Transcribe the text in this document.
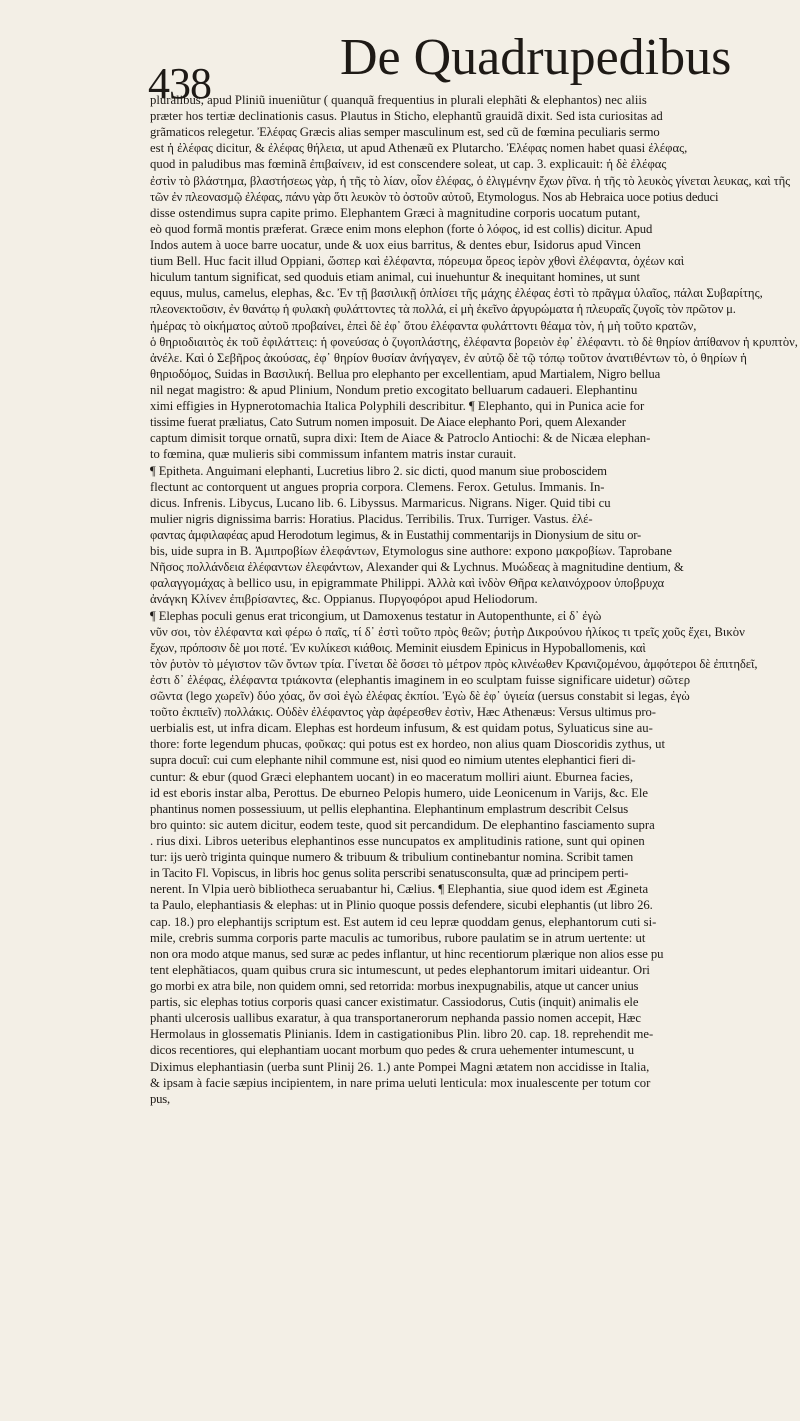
438 De Quadrupedibus
pluralibus, apud Pliniũ inueniũtur ( quanquã frequentius in plurali elephãti & elephantos) nec aliis
præter hos tertiæ declinationis casus. Plautus in Sticho, elephantũ grauidã dixit. Sed ista curiositas ad
grãmaticos relegetur. Ἐλέφας Græcis alias semper masculinum est, sed cũ de fœmina peculiaris sermo
est ἡ ἐλέφας dicitur, & ἐλέφας θήλεια, ut apud Athenæũ ex Plutarcho. Ἐλέφας nomen habet quasi ἐλέφας,
quod in paludibus mas fœminã ἐπιβαίνειν, id est conscendere soleat, ut cap. 3. explicauit: ἡ δὲ ἐλέφας
ἐστὶν τὸ βλάστημα, βλαστήσεως γὰρ, ἡ τῆς τὸ λίαν, οἷον ἐλέφας, ὁ ἐλιγμένην ἔχων ῥῖνα. ἡ τῆς τὸ λευκὸς γίνεται λευκας, καὶ τῆς
τῶν ἐν πλεονασμῷ ἐλέφας, πάνυ γὰρ ὅτι λευκὸν τὸ ὀστοῦν αὐτοῦ, Etymologus. Nos ab Hebraica uoce potius deduci
disse ostendimus supra capite primo. Elephantem Græci à magnitudine corporis uocatum putant,
eò quod formã montis præferat. Græce enim mons elephon (forte ὁ λόφος, id est collis) dicitur. Apud
Indos autem à uoce barre uocatur, unde & uox eius barritus, & dentes ebur, Isidorus apud Vincen
tium Bell. Huc facit illud Oppiani, ὥσπερ καὶ ἐλέφαντα, πόρευμα ὄρεος ἱερὸν χθονὶ ἐλέφαντα, ὀχέων καὶ
hiculum tantum significat, sed quoduis etiam animal, cui inuehuntur & inequitant homines, ut sunt
equus, mulus, camelus, elephas, &c. Ἐν τῇ βασιλικῇ ὁπλίσει τῆς μάχης ἐλέφας ἐστὶ τὸ πρᾶγμα ὑλαῖος, πάλαι Συβαρίτης,
πλεονεκτοῦσιν, ἐν θανάτῳ ἡ φυλακὴ φυλάττοντες τὰ πολλά, εἰ μὴ ἐκεῖνο ἀργυρώματα ἡ πλευραῖς ζυγοῖς τὸν πρῶτον μ.
ἡμέρας τὸ οἰκήματος αὐτοῦ προβαίνει, ἐπεὶ δὲ ἐφ᾽ ὅτου ἐλέφαντα φυλάττοντι θέαμα τὸν, ἡ μὴ τοῦτο κρατῶν,
ὁ θηριοδιαιτὸς ἐκ τοῦ ἐφιλάττεις: ἡ φονεύσας ὁ ζυγοπλάστης, ἐλέφαντα βορειὸν ἐφ᾽ ἐλέφαντι. τὸ δὲ θηρίον ἀπίθανον ἡ κρυπτὸν,
ἀνέλε. Καὶ ὁ Σεβῆρος ἀκούσας, ἐφ᾽ θηρίον θυσίαν ἀνήγαγεν, ἐν αὐτῷ δὲ τῷ τόπῳ τοῦτον ἀνατιθέντων τὸ, ὁ θηρίων ἡ
θηριοδόμος, Suidas in Βασιλική. Bellua pro elephanto per excellentiam, apud Martialem, Nigro bellua
nil negat magistro: & apud Plinium, Nondum pretio excogitato belluarum cadaueri. Elephantinu
ximi effigies in Hypnerotomachia Italica Polyphili describitur. ¶ Elephanto, qui in Punica acie for
tissime fuerat præliatus, Cato Sutrum nomen imposuit. De Aiace elephanto Pori, quem Alexander
captum dimisit torque ornatũ, supra dixi: Item de Aiace & Patroclo Antiochi: & de Nicæa elephan-
to fœmina, quæ mulieris sibi commissum infantem matris instar curauit.
¶ Epitheta. Anguimani elephanti, Lucretius libro 2. sic dicti, quod manum siue proboscidem
flectunt ac contorquent ut angues propria corpora. Clemens. Ferox. Getulus. Immanis. In-
dicus. Infrenis. Libycus, Lucano lib. 6. Libyssus. Marmaricus. Nigrans. Niger. Quid tibi cu
mulier nigris dignissima barris: Horatius. Placidus. Terribilis. Trux. Turriger. Vastus. ἐλέ-
φαντας ἀμφιλαφέας apud Herodotum legimus, & in Eustathij commentarijs in Dionysium de situ or-
bis, uide supra in B. Ἀμιπροβίων ἐλεφάντων, Etymologus sine authore: expono μακροβίων. Taprobane
Νῆσος πολλάνδεια ἐλέφαντων ἐλεφάντων, Alexander qui & Lychnus. Μυώδεας à magnitudine dentium, &
φαλαγγομάχας à bellico usu, in epigrammate Philippi. Ἀλλὰ καὶ ἰνδὸν Θῆρα κελαινόχροον ὑποβρυχα
ἀνάγκη Κλίνεν ἐπιβρίσαντες, &c. Oppianus. Πυργοφόροι apud Heliodorum.
¶ Elephas poculi genus erat tricongium, ut Damoxenus testatur in Autopenthunte, εἰ δ᾽ ἐγὼ
νῦν σοι, τὸν ἐλέφαντα καὶ φέρω ὁ παῖς, τί δ᾽ ἐστὶ τοῦτο πρὸς θεῶν; ῥυτὴρ Δικρούνου ἡλίκος τι τρεῖς χοῦς ἔχει, Βικὸν
ἔχων, πρόποσιν δὲ μοι ποτέ. Ἐν κυλίκεσι κιάθοις. Meminit eiusdem Epinicus in Hypoballomenis, καὶ
τὸν ῥυτὸν τὸ μέγιστον τῶν ὄντων τρία. Γίνεται δὲ ὅσσει τὸ μέτρον πρὸς κλινέωθεν Κρανιζομένου, ἀμφότεροι δὲ ἐπιτηδεῖ,
ἐστι δ᾽ ἐλέφας, ἐλέφαντα τριάκοντα (elephantis imaginem in eo sculptam fuisse significare uidetur) σῶτερ
σῶντα (lego χωρεῖν) δύο χόας, ὅν σοὶ ἐγὼ ἐλέφας ἐκπίοι. Ἐγὼ δὲ ἐφ᾽ ὑγιεία (uersus constabit si legas, ἐγὼ
τοῦτο ἐκπιεῖν) πολλάκις. Οὐδὲν ἐλέφαντος γὰρ ἀφέρεσθεν ἐστὶν, Hæc Athenæus: Versus ultimus pro-
uerbialis est, ut infra dicam. Elephas est hordeum infusum, & est quidam potus, Syluaticus sine au-
thore: forte legendum phucas, φοῦκας: qui potus est ex hordeo, non alius quam Dioscoridis zythus, ut
supra docuĩ: cui cum elephante nihil commune est, nisi quod eo nimium utentes elephantici fieri di-
cuntur: & ebur (quod Græci elephantem uocant) in eo maceratum molliri aiunt. Eburnea facies,
id est eboris instar alba, Perottus. De eburneo Pelopis humero, uide Leonicenum in Varijs, &c. Ele
phantinus nomen possessiuum, ut pellis elephantina. Elephantinum emplastrum describit Celsus
bro quinto: sic autem dicitur, eodem teste, quod sit percandidum. De elephantino fasciamento supra
. rius dixi. Libros ueteribus elephantinos esse nuncupatos ex amplitudinis ratione, sunt qui opinen
tur: ijs uerò triginta quinque numero & tribuum & tribulium continebantur nomina. Scribit tamen
in Tacito Fl. Vopiscus, in libris hoc genus solita perscribi senatusconsulta, quæ ad principem perti-
nerent. In Vlpia uerò bibliotheca seruabantur hi, Cælius. ¶ Elephantia, siue quod idem est Ægineta
ta Paulo, elephantiasis & elephas: ut in Plinio quoque possis defendere, sicubi elephantis (ut libro 26.
cap. 18.) pro elephantijs scriptum est. Est autem id ceu lepræ quoddam genus, elephantorum cuti si-
mile, crebris summa corporis parte maculis ac tumoribus, rubore paulatim se in atrum uertente: ut
non ora modo atque manus, sed suræ ac pedes inflantur, ut hinc recentiorum plærique non alios esse pu
tent elephãtiacos, quam quibus crura sic intumescunt, ut pedes elephantorum imitari uideantur. Ori
go morbi ex atra bile, non quidem omni, sed retorrida: morbus inexpugnabilis, atque ut cancer unius
partis, sic elephas totius corporis quasi cancer existimatur. Cassiodorus, Cutis (inquit) animalis ele
phanti ulcerosis uallibus exaratur, à qua transportanerorum nephanda passio nomen accepit, Hæc
Hermolaus in glossematis Plinianis. Idem in castigationibus Plin. libro 20. cap. 18. reprehendit me-
dicos recentiores, qui elephantiam uocant morbum quo pedes & crura uehementer intumescunt, u
Diximus elephantiasin (uerba sunt Plinij 26. 1.) ante Pompei Magni ætatem non accidisse in Italia,
& ipsam à facie sæpius incipientem, in nare prima ueluti lenticula: mox inualescente per totum cor
pus,
